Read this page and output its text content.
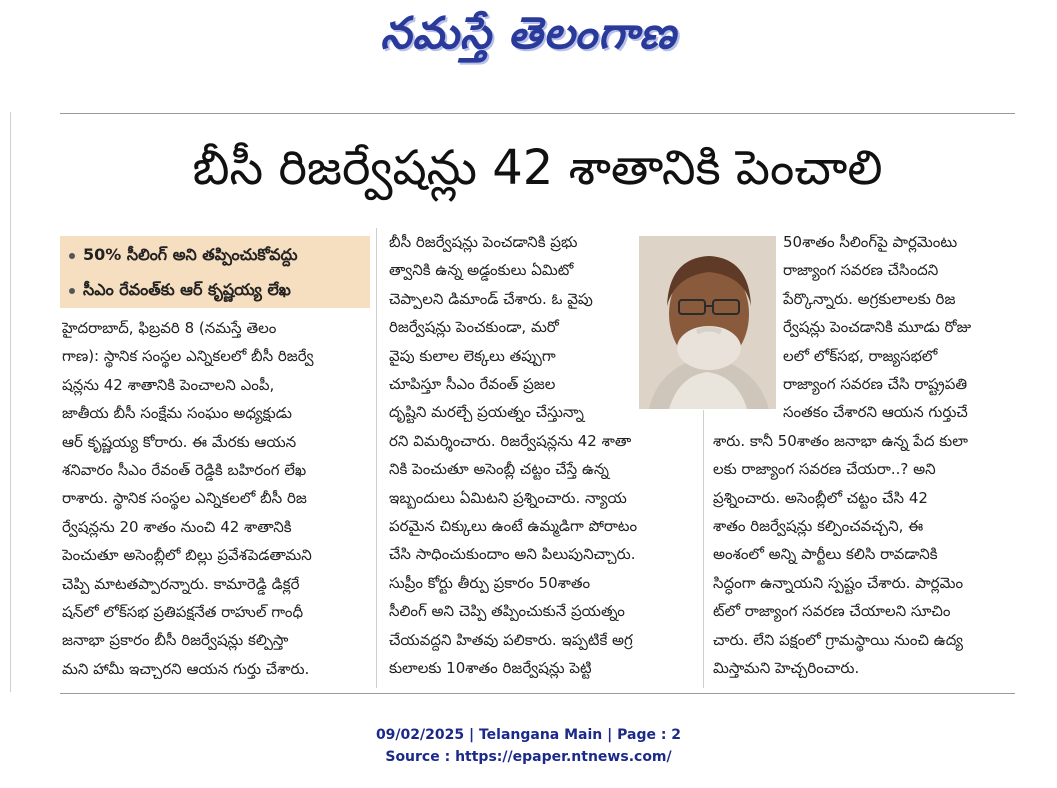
నమస్తే తెలంగాణ
బీసీ రిజర్వేషన్లు 42 శాతానికి పెంచాలి
50% సీలింగ్ అని తప్పించుకోవద్దు
సీఎం రేవంత్‌కు ఆర్ కృష్ణయ్య లేఖ

హైదరాబాద్, ఫిబ్రవరి 8 (నమస్తే తెలం

గాణ): స్థానిక సంస్థల ఎన్నికలలో బీసీ రిజర్వే

షన్లను 42 శాతానికి పెంచాలని ఎంపీ,

జాతీయ బీసీ సంక్షేమ సంఘం అధ్యక్షుడు

ఆర్ కృష్ణయ్య కోరారు. ఈ మేరకు ఆయన

శనివారం సీఎం రేవంత్ రెడ్డికి బహిరంగ లేఖ

రాశారు. స్థానిక సంస్థల ఎన్నికలలో బీసీ రిజ

ర్వేషన్లను 20 శాతం నుంచి 42 శాతానికి

పెంచుతూ అసెంబ్లీలో బిల్లు ప్రవేశపెడతామని

చెప్పి మాటతప్పారన్నారు. కామారెడ్డి డిక్లరే

షన్‌లో లోక్‌సభ ప్రతిపక్షనేత రాహుల్ గాంధీ

జనాభా ప్రకారం బీసీ రిజర్వేషన్లు కల్పిస్తా

మని హామీ ఇచ్చారని ఆయన గుర్తు చేశారు.

బీసీ రిజర్వేషన్లు పెంచడానికి ప్రభు

త్వానికి ఉన్న అడ్డంకులు ఏమిటో

చెప్పాలని డిమాండ్ చేశారు. ఓ వైపు

రిజర్వేషన్లు పెంచకుండా, మరో

వైపు కులాల లెక్కలు తప్పుగా

చూపిస్తూ సీఎం రేవంత్ ప్రజల

దృష్టిని మరల్చే ప్రయత్నం చేస్తున్నా

రని విమర్శించారు. రిజర్వేషన్లను 42 శాతా

నికి పెంచుతూ అసెంబ్లీ చట్టం చేస్తే ఉన్న

ఇబ్బందులు ఏమిటని ప్రశ్నించారు. న్యాయ

పరమైన చిక్కులు ఉంటే ఉమ్మడిగా పోరాటం

చేసి సాధించుకుందాం అని పిలుపునిచ్చారు.

సుప్రీం కోర్టు తీర్పు ప్రకారం 50శాతం

సీలింగ్ అని చెప్పి తప్పించుకునే ప్రయత్నం

చేయవద్దని హితవు పలికారు. ఇప్పటికే అగ్ర

కులాలకు 10శాతం రిజర్వేషన్లు పెట్టి

50శాతం సీలింగ్‌పై పార్లమెంటు

రాజ్యాంగ సవరణ చేసిందని

పేర్కొన్నారు. అగ్రకులాలకు రిజ

ర్వేషన్లు పెంచడానికి మూడు రోజు

లలో లోక్‌సభ, రాజ్యసభలో

రాజ్యాంగ సవరణ చేసి రాష్ట్రపతి

సంతకం చేశారని ఆయన గుర్తుచే

శారు. కానీ 50శాతం జనాభా ఉన్న పేద కులా

లకు రాజ్యాంగ సవరణ చేయరా..? అని

ప్రశ్నించారు. అసెంబ్లీలో చట్టం చేసి 42

శాతం రిజర్వేషన్లు కల్పించవచ్చని, ఈ

అంశంలో అన్ని పార్టీలు కలిసి రావడానికి

సిద్ధంగా ఉన్నాయని స్పష్టం చేశారు. పార్లమెం

ట్‌లో రాజ్యాంగ సవరణ చేయాలని సూచిం

చారు. లేని పక్షంలో గ్రామస్థాయి నుంచి ఉద్య

మిస్తామని హెచ్చరించారు.

09/02/2025 | Telangana Main | Page : 2
Source : https://epaper.ntnews.com/
